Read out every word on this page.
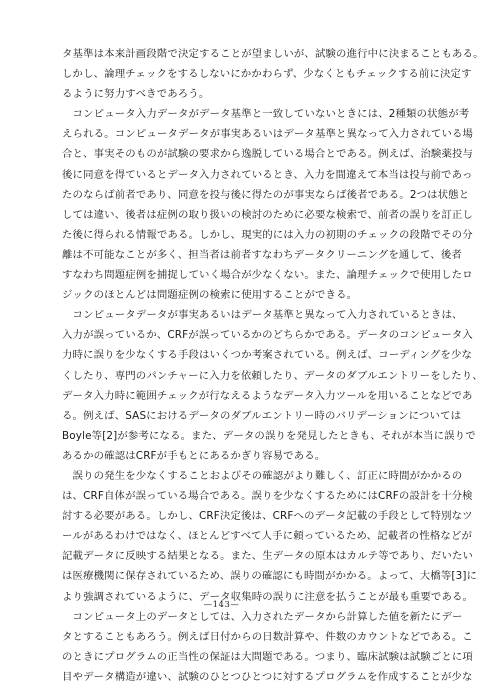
タ基準は本来計画段階で決定することが望ましいが、試験の進行中に決まることもある。
しかし、論理チェックをするしないにかかわらず、少なくともチェックする前に決定す
るように努力すべきであろう。
　コンピュータ入力データがデータ基準と一致していないときには、2種類の状態が考
えられる。コンピュータデータが事実あるいはデータ基準と異なって入力されている場
合と、事実そのものが試験の要求から逸脱している場合とである。例えば、治験薬投与
後に同意を得ているとデータ入力されているとき、入力を間違えて本当は投与前であっ
たのならば前者であり、同意を投与後に得たのが事実ならば後者である。2つは状態と
しては違い、後者は症例の取り扱いの検討のために必要な検索で、前者の誤りを訂正し
た後に得られる情報である。しかし、現実的には入力の初期のチェックの段階でその分
離は不可能なことが多く、担当者は前者すなわちデータクリーニングを通して、後者
すなわち問題症例を捕捉していく場合が少なくない。また、論理チェックで使用したロ
ジックのほとんどは問題症例の検索に使用することができる。
　コンピュータデータが事実あるいはデータ基準と異なって入力されているときは、
入力が誤っているか、CRFが誤っているかのどちらかである。データのコンピュータ入
力時に誤りを少なくする手段はいくつか考案されている。例えば、コーディングを少な
くしたり、専門のパンチャーに入力を依頼したり、データのダブルエントリーをしたり、
データ入力時に範囲チェックが行なえるようなデータ入力ツールを用いることなどであ
る。例えば、SASにおけるデータのダブルエントリー時のバリデーションについては
Boyle等[2]が参考になる。また、データの誤りを発見したときも、それが本当に誤りで
あるかの確認はCRFが手もとにあるかぎり容易である。
　誤りの発生を少なくすることおよびその確認がより難しく、訂正に時間がかかるの
は、CRF自体が誤っている場合である。誤りを少なくするためにはCRFの設計を十分検
討する必要がある。しかし、CRF決定後は、CRFへのデータ記載の手段として特別なツ
ールがあるわけではなく、ほとんどすべて人手に頼っているため、記載者の性格などが
記載データに反映する結果となる。また、生データの原本はカルテ等であり、だいたい
は医療機関に保存されているため、誤りの確認にも時間がかかる。よって、大橋等[3]に
より強調されているように、データ収集時の誤りに注意を払うことが最も重要である。
　コンピュータ上のデータとしては、入力されたデータから計算した値を新たにデー
タとすることもあろう。例えば日付からの日数計算や、件数のカウントなどである。こ
のときにプログラムの正当性の保証は大問題である。つまり、臨床試験は試験ごとに項
目やデータ構造が違い、試験のひとつひとつに対するプログラムを作成することが少な
—143—
